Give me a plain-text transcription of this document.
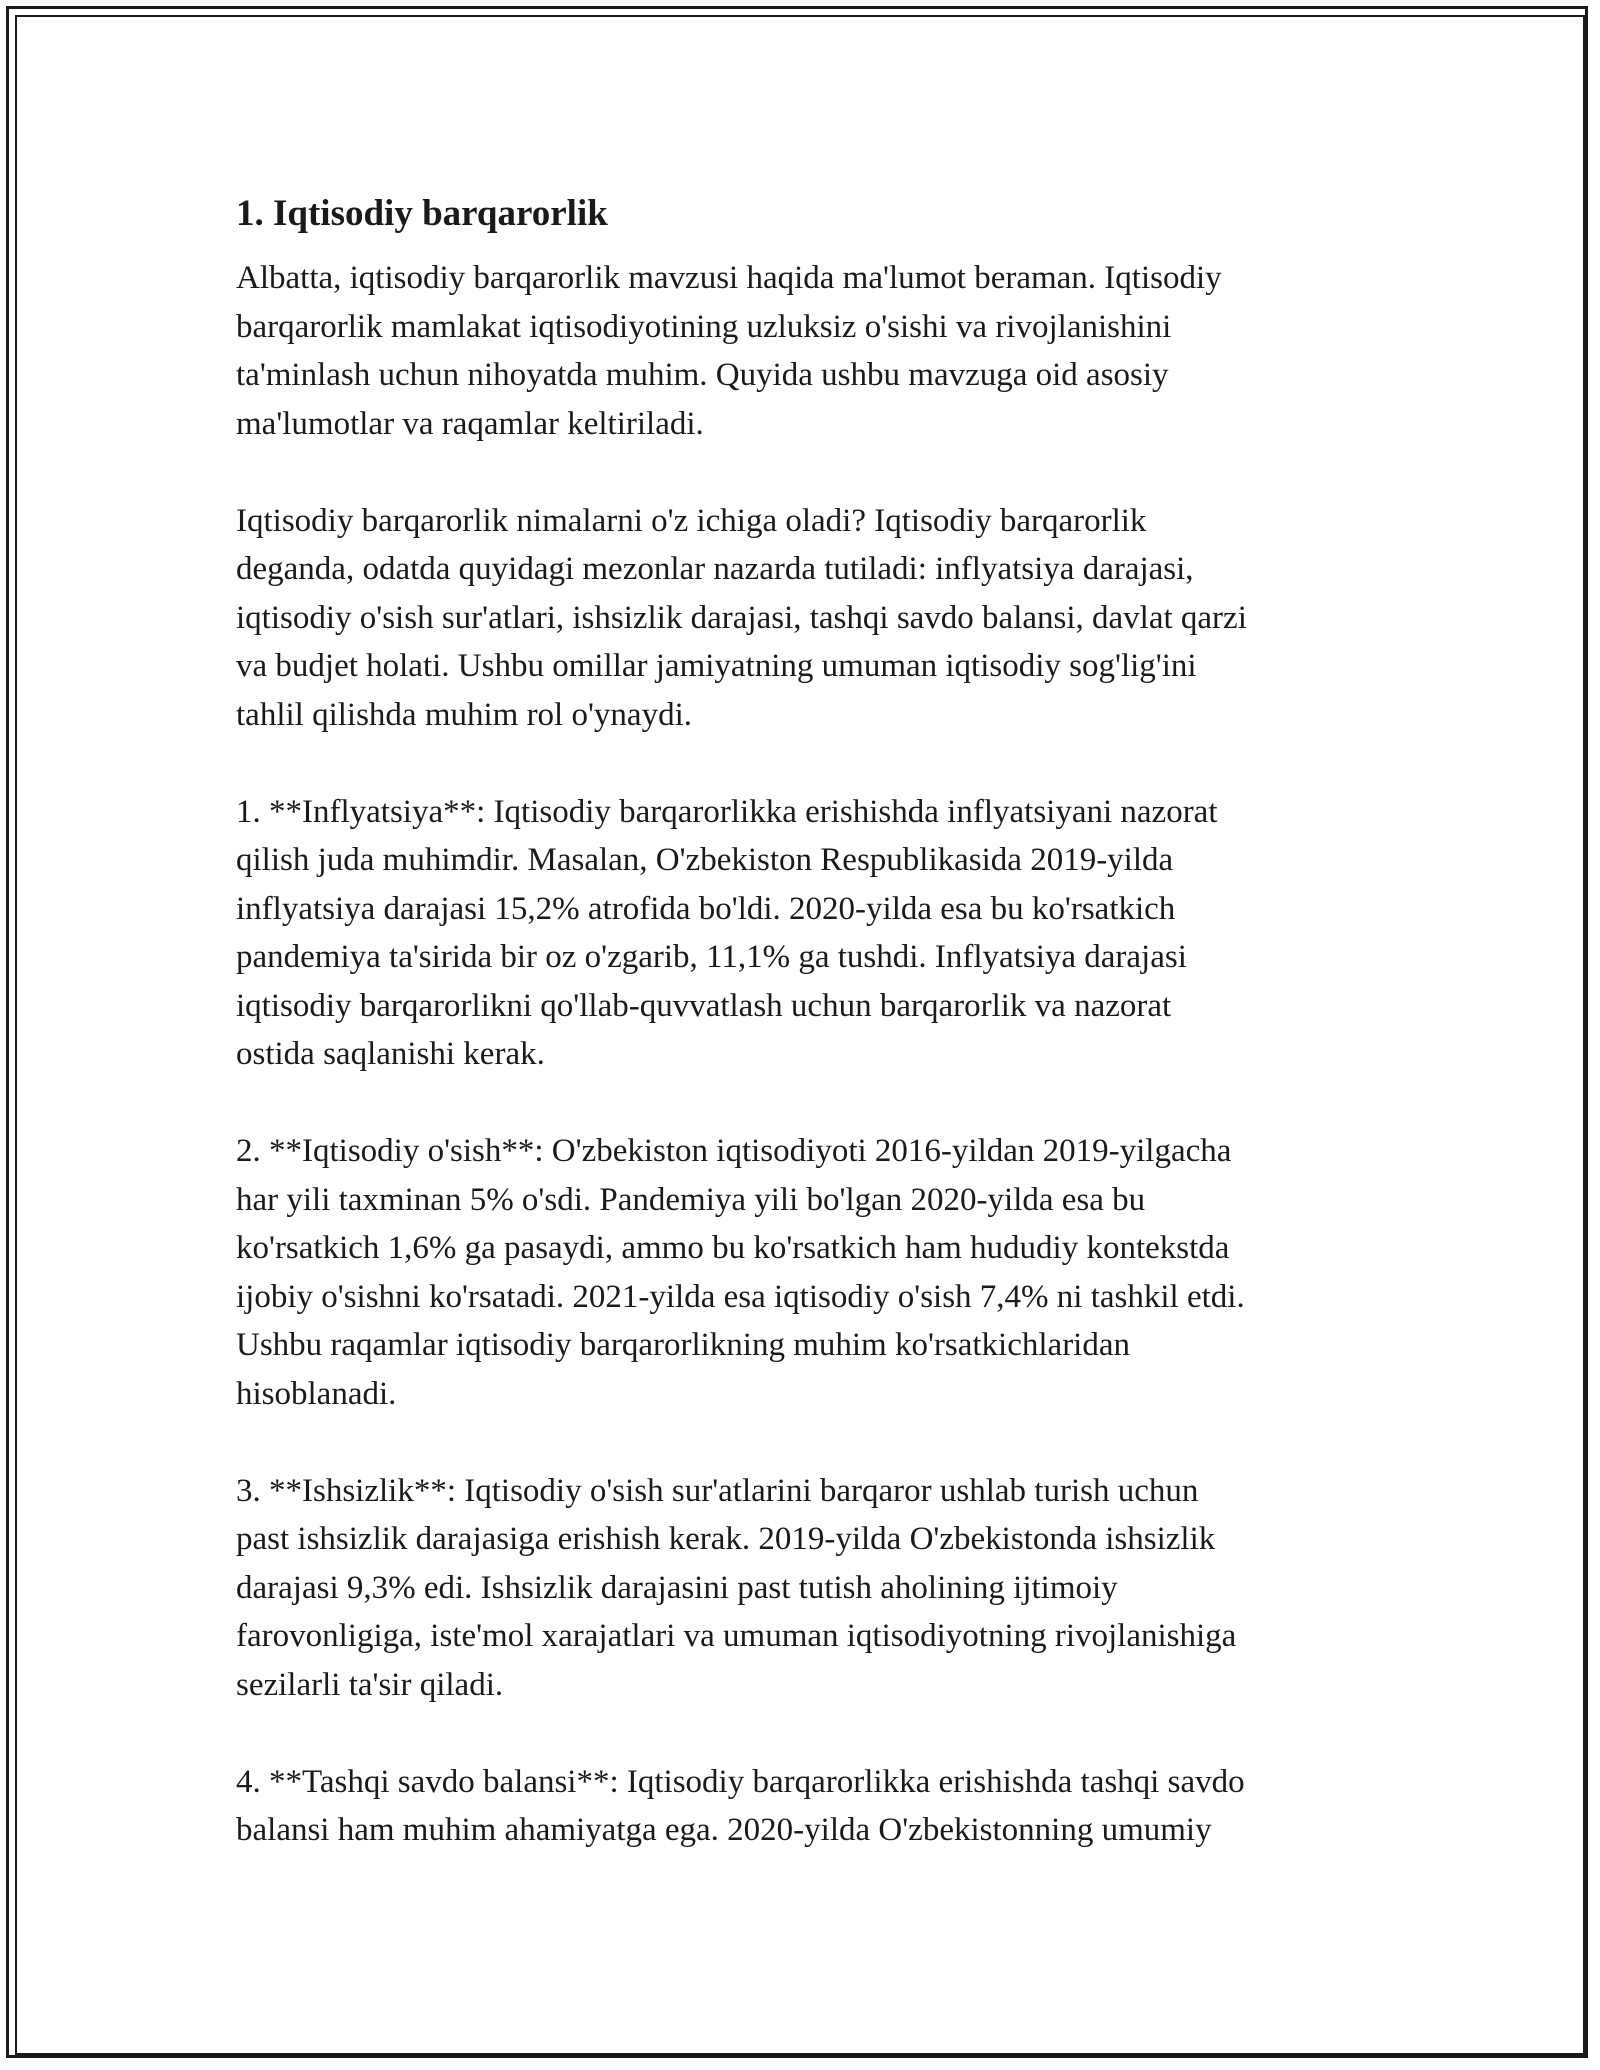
1. Iqtisodiy barqarorlik

Albatta, iqtisodiy barqarorlik mavzusi haqida ma'lumot beraman. Iqtisodiy
barqarorlik mamlakat iqtisodiyotining uzluksiz o'sishi va rivojlanishini
ta'minlash uchun nihoyatda muhim. Quyida ushbu mavzuga oid asosiy
ma'lumotlar va raqamlar keltiriladi.

Iqtisodiy barqarorlik nimalarni o'z ichiga oladi? Iqtisodiy barqarorlik
deganda, odatda quyidagi mezonlar nazarda tutiladi: inflyatsiya darajasi,
iqtisodiy o'sish sur'atlari, ishsizlik darajasi, tashqi savdo balansi, davlat qarzi
va budjet holati. Ushbu omillar jamiyatning umuman iqtisodiy sog'lig'ini
tahlil qilishda muhim rol o'ynaydi.

1. **Inflyatsiya**: Iqtisodiy barqarorlikka erishishda inflyatsiyani nazorat
qilish juda muhimdir. Masalan, O'zbekiston Respublikasida 2019-yilda
inflyatsiya darajasi 15,2% atrofida bo'ldi. 2020-yilda esa bu ko'rsatkich
pandemiya ta'sirida bir oz o'zgarib, 11,1% ga tushdi. Inflyatsiya darajasi
iqtisodiy barqarorlikni qo'llab-quvvatlash uchun barqarorlik va nazorat
ostida saqlanishi kerak.

2. **Iqtisodiy o'sish**: O'zbekiston iqtisodiyoti 2016-yildan 2019-yilgacha
har yili taxminan 5% o'sdi. Pandemiya yili bo'lgan 2020-yilda esa bu
ko'rsatkich 1,6% ga pasaydi, ammo bu ko'rsatkich ham hududiy kontekstda
ijobiy o'sishni ko'rsatadi. 2021-yilda esa iqtisodiy o'sish 7,4% ni tashkil etdi.
Ushbu raqamlar iqtisodiy barqarorlikning muhim ko'rsatkichlaridan
hisoblanadi.

3. **Ishsizlik**: Iqtisodiy o'sish sur'atlarini barqaror ushlab turish uchun
past ishsizlik darajasiga erishish kerak. 2019-yilda O'zbekistonda ishsizlik
darajasi 9,3% edi. Ishsizlik darajasini past tutish aholining ijtimoiy
farovonligiga, iste'mol xarajatlari va umuman iqtisodiyotning rivojlanishiga
sezilarli ta'sir qiladi.

4. **Tashqi savdo balansi**: Iqtisodiy barqarorlikka erishishda tashqi savdo
balansi ham muhim ahamiyatga ega. 2020-yilda O'zbekistonning umumiy
